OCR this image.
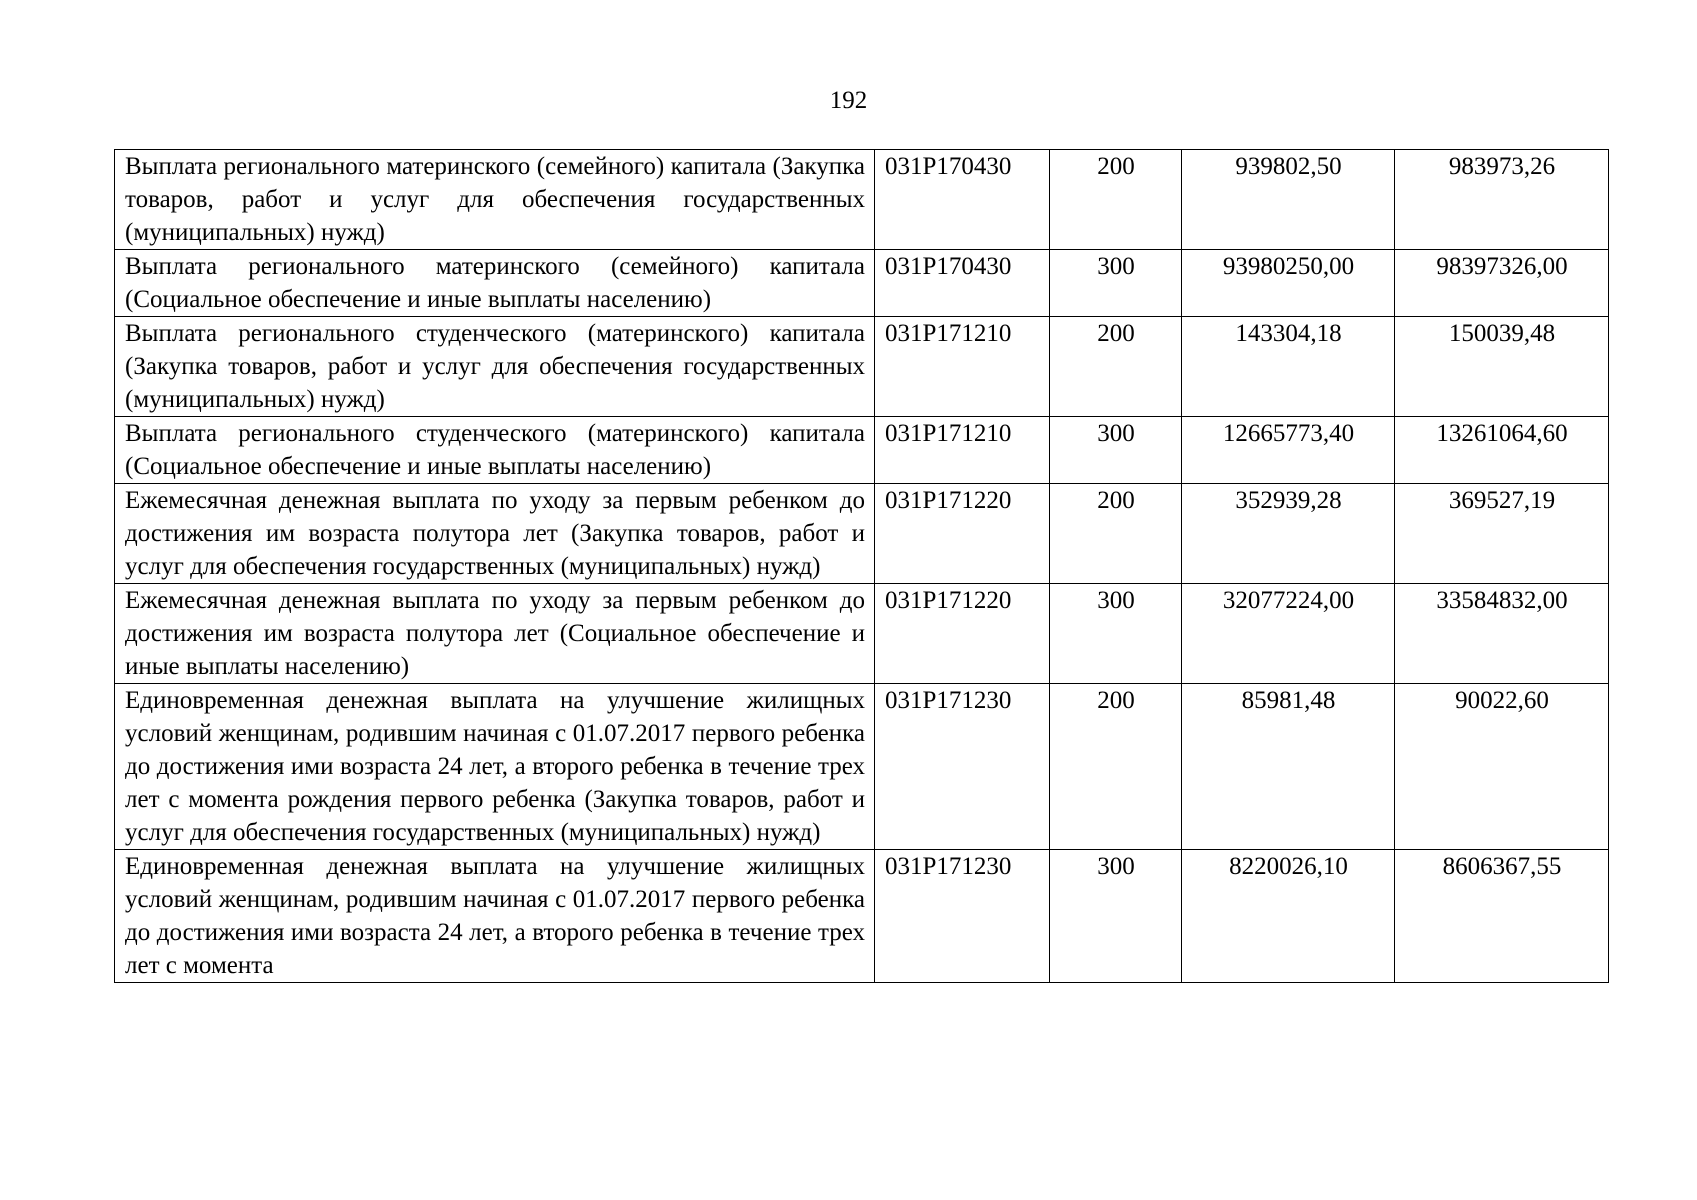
192
Выплата регионального материнского (семейного) капитала (Закупка товаров, работ и услуг для обеспечения государственных (муниципальных) нужд)	031P170430	200	939802,50	983973,26
Выплата регионального материнского (семейного) капитала (Социальное обеспечение и иные выплаты населению)	031P170430	300	93980250,00	98397326,00
Выплата регионального студенческого (материнского) капитала (Закупка товаров, работ и услуг для обеспечения государственных (муниципальных) нужд)	031P171210	200	143304,18	150039,48
Выплата регионального студенческого (материнского) капитала (Социальное обеспечение и иные выплаты населению)	031P171210	300	12665773,40	13261064,60
Ежемесячная денежная выплата по уходу за первым ребенком до достижения им возраста полутора лет (Закупка товаров, работ и услуг для обеспечения государственных (муниципальных) нужд)	031P171220	200	352939,28	369527,19
Ежемесячная денежная выплата по уходу за первым ребенком до достижения им возраста полутора лет (Социальное обеспечение и иные выплаты населению)	031P171220	300	32077224,00	33584832,00
Единовременная денежная выплата на улучшение жилищных условий женщинам, родившим начиная с 01.07.2017 первого ребенка до достижения ими возраста 24 лет, а второго ребенка в течение трех лет с момента рождения первого ребенка (Закупка товаров, работ и услуг для обеспечения государственных (муниципальных) нужд)	031P171230	200	85981,48	90022,60
Единовременная денежная выплата на улучшение жилищных условий женщинам, родившим начиная с 01.07.2017 первого ребенка до достижения ими возраста 24 лет, а второго ребенка в течение трех лет с момента	031P171230	300	8220026,10	8606367,55
